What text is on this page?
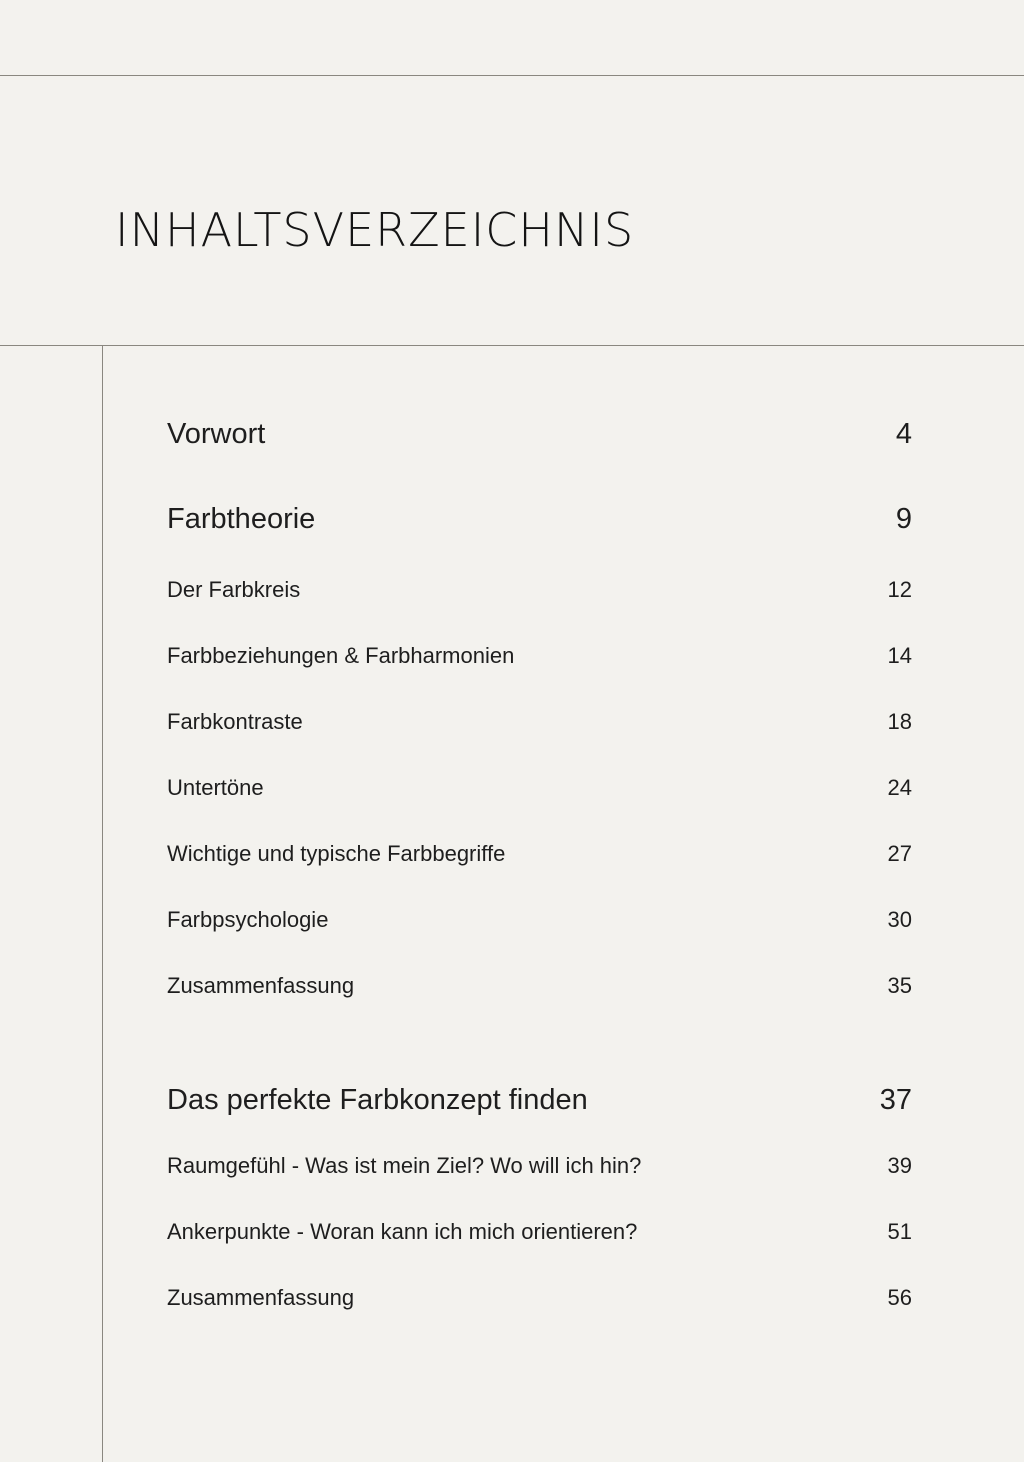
INHALTSVERZEICHNIS
Vorwort	4
Farbtheorie	9
Der Farbkreis	12
Farbbeziehungen & Farbharmonien	14
Farbkontraste	18
Untertöne	24
Wichtige und typische Farbbegriffe	27
Farbpsychologie	30
Zusammenfassung	35
Das perfekte Farbkonzept finden	37
Raumgefühl - Was ist mein Ziel? Wo will ich hin?	39
Ankerpunkte - Woran kann ich mich orientieren?	51
Zusammenfassung	56
